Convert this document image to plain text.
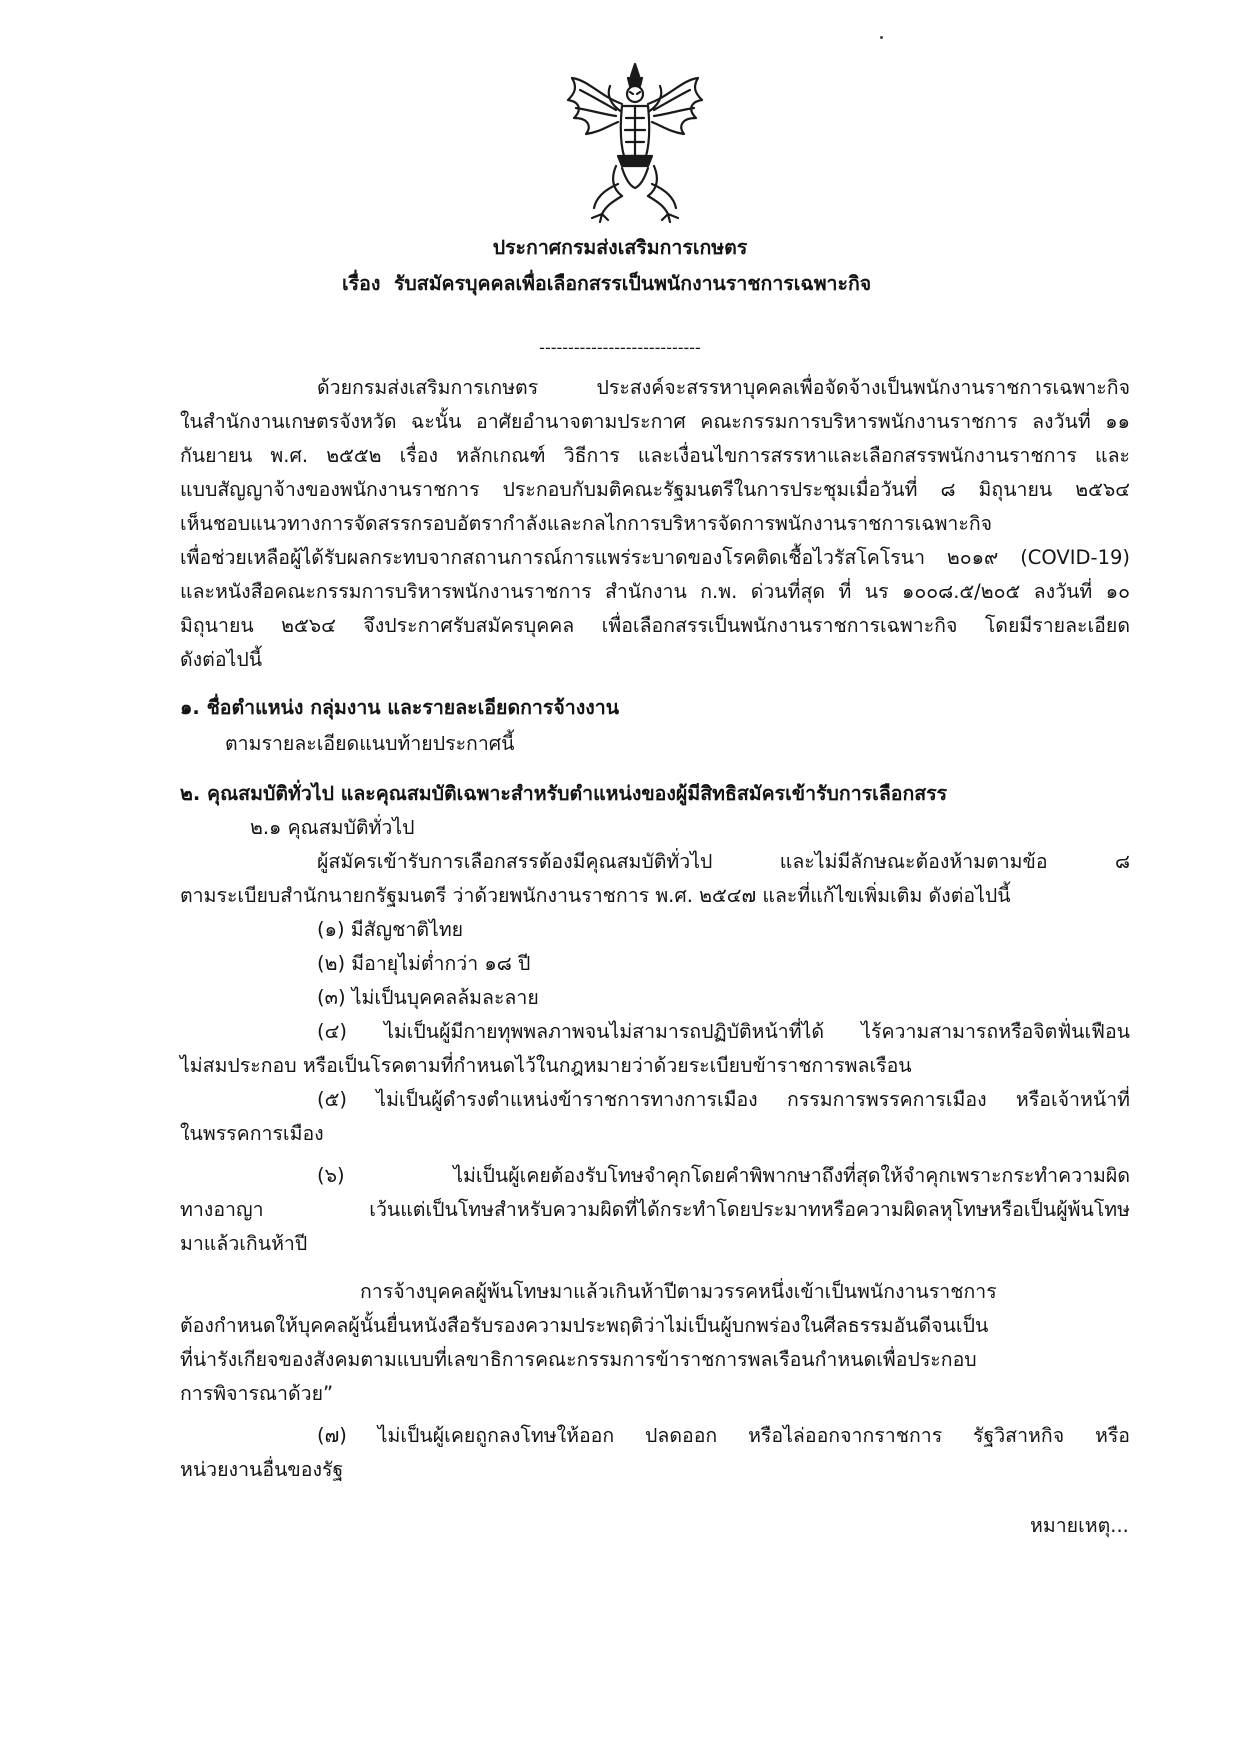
ประกาศกรมส่งเสริมการเกษตร
เรื่อง รับสมัครบุคคลเพื่อเลือกสรรเป็นพนักงานราชการเฉพาะกิจ
----------------------------
ด้วยกรมส่งเสริมการเกษตร ประสงค์จะสรรหาบุคคลเพื่อจัดจ้างเป็นพนักงานราชการเฉพาะกิจ
ในสำนักงานเกษตรจังหวัด ฉะนั้น อาศัยอำนาจตามประกาศ คณะกรรมการบริหารพนักงานราชการ ลงวันที่ ๑๑
กันยายน พ.ศ. ๒๕๕๒ เรื่อง หลักเกณฑ์ วิธีการ และเงื่อนไขการสรรหาและเลือกสรรพนักงานราชการ และ
แบบสัญญาจ้างของพนักงานราชการ ประกอบกับมติคณะรัฐมนตรีในการประชุมเมื่อวันที่ ๘ มิถุนายน ๒๕๖๔
เห็นชอบแนวทางการจัดสรรกรอบอัตรากำลังและกลไกการบริหารจัดการพนักงานราชการเฉพาะกิจ
เพื่อช่วยเหลือผู้ได้รับผลกระทบจากสถานการณ์การแพร่ระบาดของโรคติดเชื้อไวรัสโคโรนา ๒๐๑๙ (COVID-19)
และหนังสือคณะกรรมการบริหารพนักงานราชการ สำนักงาน ก.พ. ด่วนที่สุด ที่ นร ๑๐๐๘.๕/๒๐๕ ลงวันที่ ๑๐
มิถุนายน ๒๕๖๔ จึงประกาศรับสมัครบุคคล เพื่อเลือกสรรเป็นพนักงานราชการเฉพาะกิจ โดยมีรายละเอียด
ดังต่อไปนี้
๑. ชื่อตำแหน่ง กลุ่มงาน และรายละเอียดการจ้างงาน
ตามรายละเอียดแนบท้ายประกาศนี้
๒. คุณสมบัติทั่วไป และคุณสมบัติเฉพาะสำหรับตำแหน่งของผู้มีสิทธิสมัครเข้ารับการเลือกสรร
๒.๑ คุณสมบัติทั่วไป
ผู้สมัครเข้ารับการเลือกสรรต้องมีคุณสมบัติทั่วไป และไม่มีลักษณะต้องห้ามตามข้อ ๘
ตามระเบียบสำนักนายกรัฐมนตรี ว่าด้วยพนักงานราชการ พ.ศ. ๒๕๔๗ และที่แก้ไขเพิ่มเติม ดังต่อไปนี้
(๑) มีสัญชาติไทย
(๒) มีอายุไม่ต่ำกว่า ๑๘ ปี
(๓) ไม่เป็นบุคคลล้มละลาย
(๔) ไม่เป็นผู้มีกายทุพพลภาพจนไม่สามารถปฏิบัติหน้าที่ได้ ไร้ความสามารถหรือจิตฟั่นเฟือน
ไม่สมประกอบ หรือเป็นโรคตามที่กำหนดไว้ในกฎหมายว่าด้วยระเบียบข้าราชการพลเรือน
(๕) ไม่เป็นผู้ดำรงตำแหน่งข้าราชการทางการเมือง กรรมการพรรคการเมือง หรือเจ้าหน้าที่
ในพรรคการเมือง
(๖) ไม่เป็นผู้เคยต้องรับโทษจำคุกโดยคำพิพากษาถึงที่สุดให้จำคุกเพราะกระทำความผิด
ทางอาญา เว้นแต่เป็นโทษสำหรับความผิดที่ได้กระทำโดยประมาทหรือความผิดลหุโทษหรือเป็นผู้พ้นโทษ
มาแล้วเกินห้าปี
การจ้างบุคคลผู้พ้นโทษมาแล้วเกินห้าปีตามวรรคหนึ่งเข้าเป็นพนักงานราชการ
ต้องกำหนดให้บุคคลผู้นั้นยื่นหนังสือรับรองความประพฤติว่าไม่เป็นผู้บกพร่องในศีลธรรมอันดีจนเป็น
ที่น่ารังเกียจของสังคมตามแบบที่เลขาธิการคณะกรรมการข้าราชการพลเรือนกำหนดเพื่อประกอบ
การพิจารณาด้วย”
(๗) ไม่เป็นผู้เคยถูกลงโทษให้ออก ปลดออก หรือไล่ออกจากราชการ รัฐวิสาหกิจ หรือ
หน่วยงานอื่นของรัฐ
หมายเหตุ...
